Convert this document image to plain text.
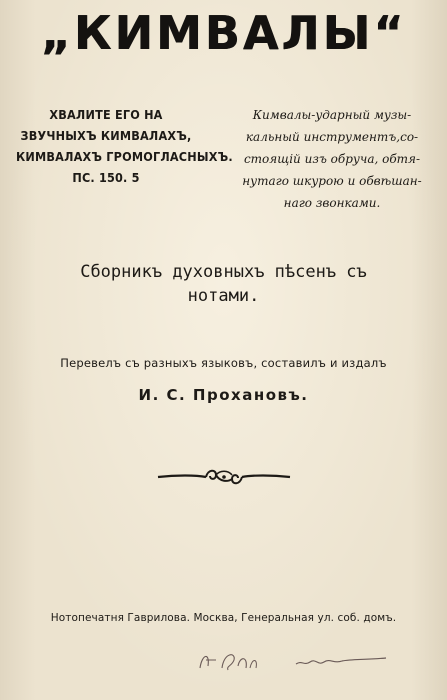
„КИМВАЛЫ“
ХВАЛИТЕ ЕГО НА
ЗВУЧНЫХЪ КИМВАЛАХЪ,
КИМВАЛАХЪ ГРОМОГЛАСНЫХЪ.
ПС. 150. 5
Кимвалы-ударный музы-
кальный инструментъ,со-
стоящій изъ обруча, обтя-
нутаго шкурою и обвѣшан-
наго звонками.
Сборникъ духовныхъ пѣсенъ съ
нотами.
Перевелъ съ разныхъ языковъ, составилъ и издалъ
И. С. Прохановъ.
Нотопечатня Гаврилова. Москва, Генеральная ул. соб. домъ.
